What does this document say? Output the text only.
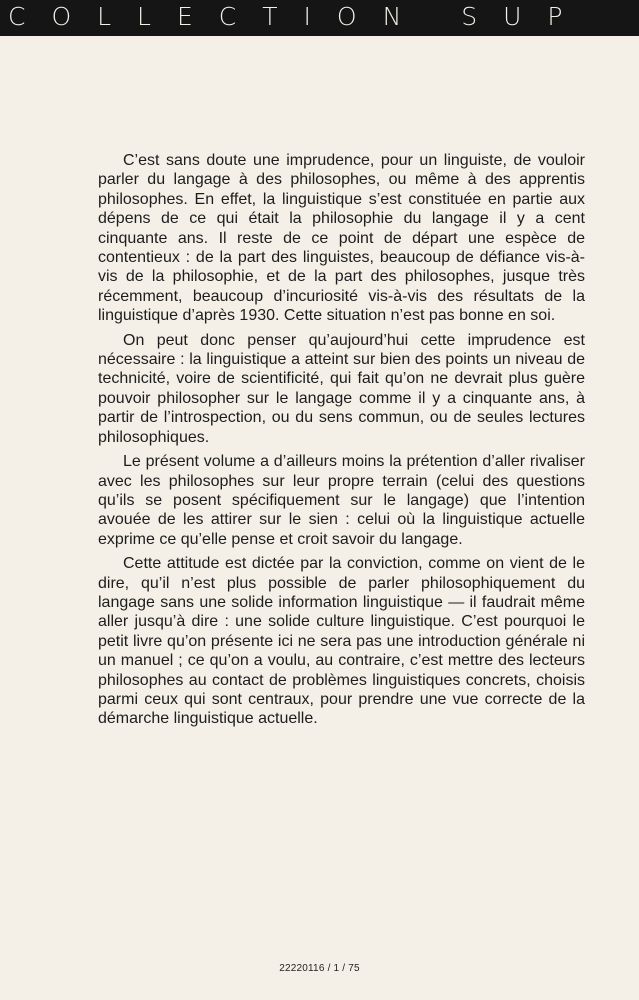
COLLECTION SUP

C’est sans doute une imprudence, pour un linguiste, de vouloir parler du langage à des philosophes, ou même à des apprentis philosophes. En effet, la linguistique s’est constituée en partie aux dépens de ce qui était la philosophie du langage il y a cent cinquante ans. Il reste de ce point de départ une espèce de contentieux : de la part des linguistes, beaucoup de défiance vis-à-vis de la philosophie, et de la part des philosophes, jusque très récemment, beaucoup d’incuriosité vis-à-vis des résultats de la linguistique d’après 1930. Cette situation n’est pas bonne en soi.

On peut donc penser qu’aujourd’hui cette imprudence est nécessaire : la linguistique a atteint sur bien des points un niveau de technicité, voire de scientificité, qui fait qu’on ne devrait plus guère pouvoir philosopher sur le langage comme il y a cinquante ans, à partir de l’introspection, ou du sens commun, ou de seules lectures philosophiques.

Le présent volume a d’ailleurs moins la prétention d’aller rivaliser avec les philosophes sur leur propre terrain (celui des questions qu’ils se posent spécifiquement sur le langage) que l’intention avouée de les attirer sur le sien : celui où la linguistique actuelle exprime ce qu’elle pense et croit savoir du langage.

Cette attitude est dictée par la conviction, comme on vient de le dire, qu’il n’est plus possible de parler philosophiquement du langage sans une solide information linguistique — il faudrait même aller jusqu’à dire : une solide culture linguistique. C’est pourquoi le petit livre qu’on présente ici ne sera pas une introduction générale ni un manuel ; ce qu’on a voulu, au contraire, c’est mettre des lecteurs philosophes au contact de problèmes linguistiques concrets, choisis parmi ceux qui sont centraux, pour prendre une vue correcte de la démarche linguistique actuelle.

22220116 / 1 / 75
